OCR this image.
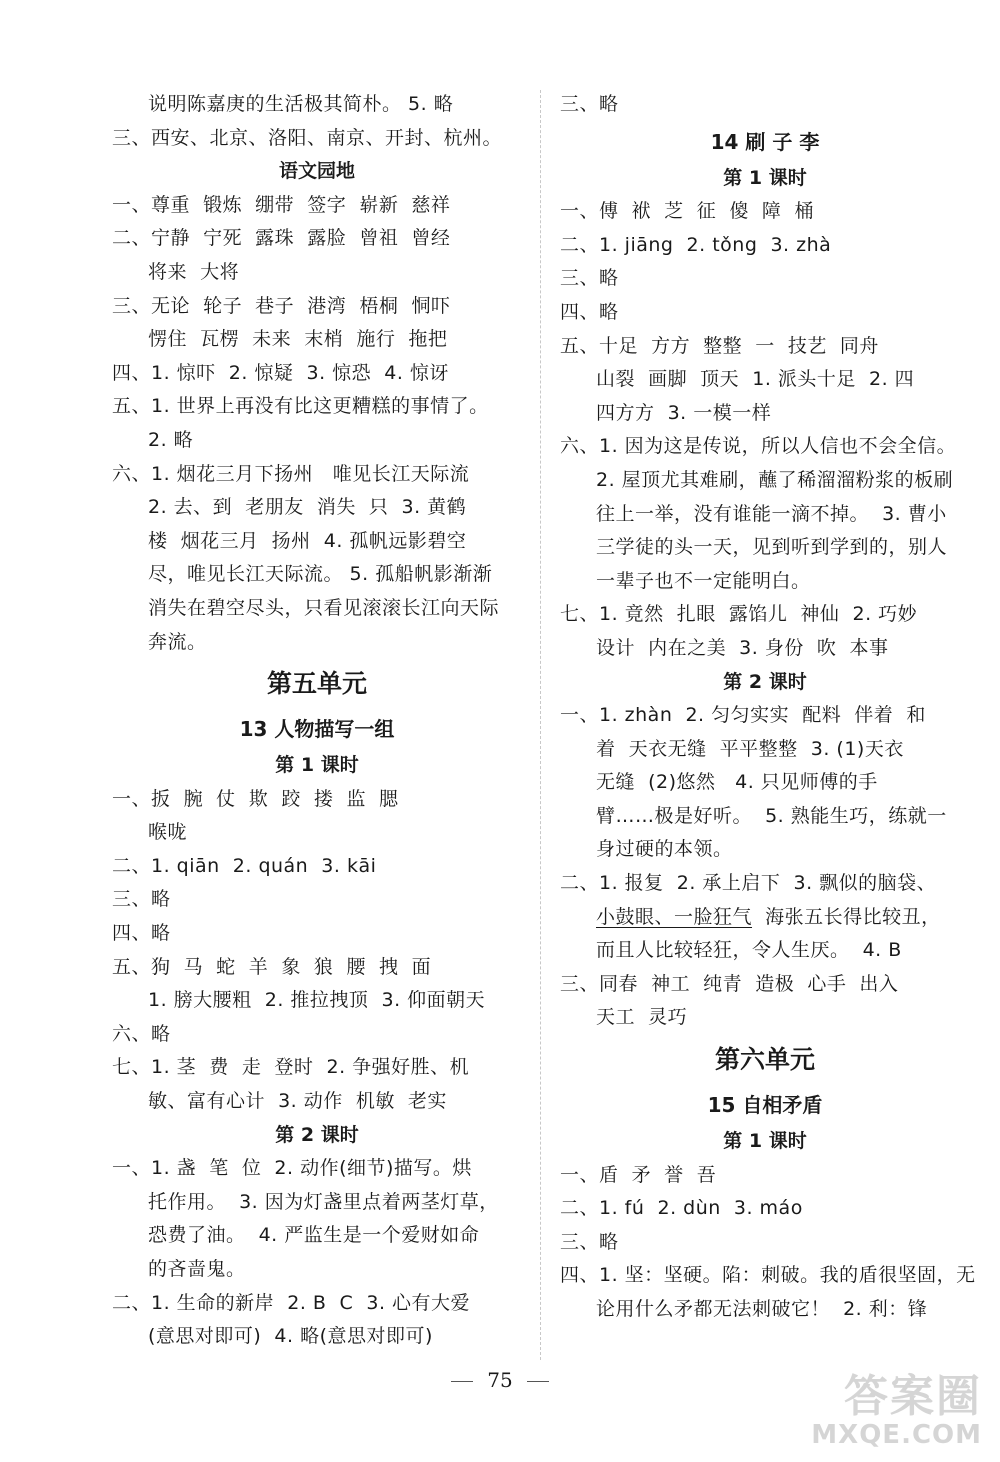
说明陈嘉庚的生活极其简朴。 5. 略
三、西安、北京、洛阳、南京、开封、杭州。
语文园地
一、尊重  锻炼  绷带  签字  崭新  慈祥
二、宁静  宁死  露珠  露脸  曾祖  曾经
将来  大将
三、无论  轮子  巷子  港湾  梧桐  恫吓
愣住  瓦楞  未来  末梢  施行  拖把
四、1. 惊吓  2. 惊疑  3. 惊恐  4. 惊讶
五、1. 世界上再没有比这更糟糕的事情了。
2. 略
六、1. 烟花三月下扬州   唯见长江天际流
2. 去、到  老朋友  消失  只  3. 黄鹤
楼  烟花三月  扬州  4. 孤帆远影碧空
尽，唯见长江天际流。 5. 孤船帆影渐渐
消失在碧空尽头，只看见滚滚长江向天际
奔流。
第五单元
13 人物描写一组
第 1 课时
一、扳  腕  仗  欺  跤  搂  监  腮
喉咙
二、1. qiān  2. quán  3. kāi
三、略
四、略
五、狗  马  蛇  羊  象  狼  腰  拽  面
1. 膀大腰粗  2. 推拉拽顶  3. 仰面朝天
六、略
七、1. 茎  费  走  登时  2. 争强好胜、机
敏、富有心计  3. 动作  机敏  老实
第 2 课时
一、1. 盏  笔  位  2. 动作(细节)描写。烘
托作用。  3. 因为灯盏里点着两茎灯草，
恐费了油。  4. 严监生是一个爱财如命
的吝啬鬼。
二、1. 生命的新岸  2. B  C  3. 心有大爱
(意思对即可)  4. 略(意思对即可)
三、略
14 刷 子 李
第 1 课时
一、傅  袱  芝  征  傻  障  桶
二、1. jiāng  2. tǒng  3. zhà
三、略
四、略
五、十足  方方  整整  一  技艺  同舟
山裂  画脚  顶天  1. 派头十足  2. 四
四方方  3. 一模一样
六、1. 因为这是传说，所以人信也不会全信。
2. 屋顶尤其难刷，蘸了稀溜溜粉浆的板刷
往上一举，没有谁能一滴不掉。  3. 曹小
三学徒的头一天，见到听到学到的，别人
一辈子也不一定能明白。
七、1. 竟然  扎眼  露馅儿  神仙  2. 巧妙
设计  内在之美  3. 身份  吹  本事
第 2 课时
一、1. zhàn  2. 匀匀实实  配料  伴着  和
着  天衣无缝  平平整整  3. (1)天衣
无缝  (2)悠然   4. 只见师傅的手
臂……极是好听。  5. 熟能生巧，练就一
身过硬的本领。
二、1. 报复  2. 承上启下  3. 飘似的脑袋、
小鼓眼、一脸狂气  海张五长得比较丑，
而且人比较轻狂，令人生厌。  4. B
三、同春  神工  纯青  造极  心手  出入
天工  灵巧
第六单元
15 自相矛盾
第 1 课时
一、盾  矛  誉  吾
二、1. fú  2. dùn  3. máo
三、略
四、1. 坚：坚硬。陷：刺破。我的盾很坚固，无
论用什么矛都无法刺破它！  2. 利：锋
75	答案圈
MXQE.COM
